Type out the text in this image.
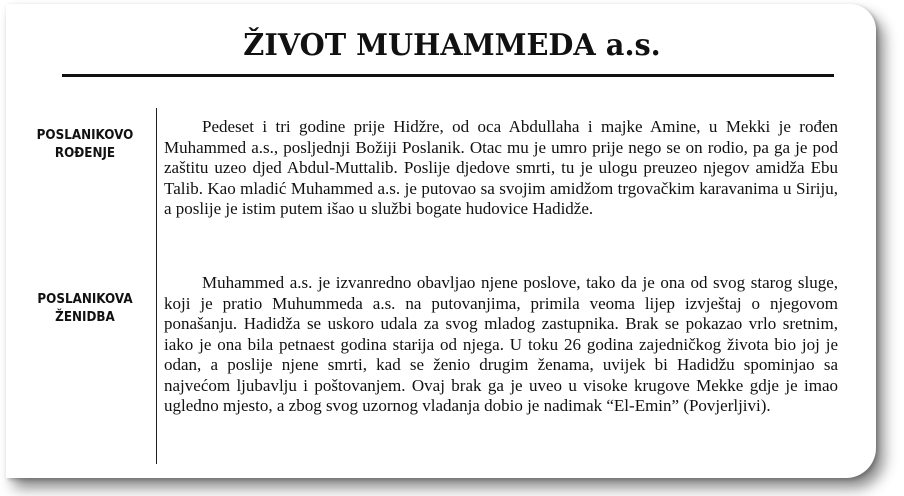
ŽIVOT MUHAMMEDA a.s.
POSLANIKOVO
ROĐENJE

Pedeset i tri godine prije Hidžre, od oca Abdullaha i majke Amine, u Mekki je rođen Muhammed a.s., posljednji Božiji Poslanik. Otac mu je umro prije nego se on rodio, pa ga je pod zaštitu uzeo djed Abdul-Muttalib. Poslije djedove smrti, tu je ulogu preuzeo njegov amidža Ebu Talib. Kao mladić Muhammed a.s. je putovao sa svojim amidžom trgovačkim karavanima u Siriju, a poslije je istim putem išao u službi bogate hudovice Hadidže.

POSLANIKOVA
ŽENIDBA

Muhammed a.s. je izvanredno obavljao njene poslove, tako da je ona od svog starog sluge, koji je pratio Muhummeda a.s. na putovanjima, primila veoma lijep izvještaj o njegovom ponašanju. Hadidža se uskoro udala za svog mladog zastupnika. Brak se pokazao vrlo sretnim, iako je ona bila petnaest godina starija od njega. U toku 26 godina zajedničkog života bio joj je odan, a poslije njene smrti, kad se ženio drugim ženama, uvijek bi Hadidžu spominjao sa najvećom ljubavlju i poštovanjem. Ovaj brak ga je uveo u visoke krugove Mekke gdje je imao ugledno mjesto, a zbog svog uzornog vladanja dobio je nadimak “El-Emin” (Povjerljivi).
